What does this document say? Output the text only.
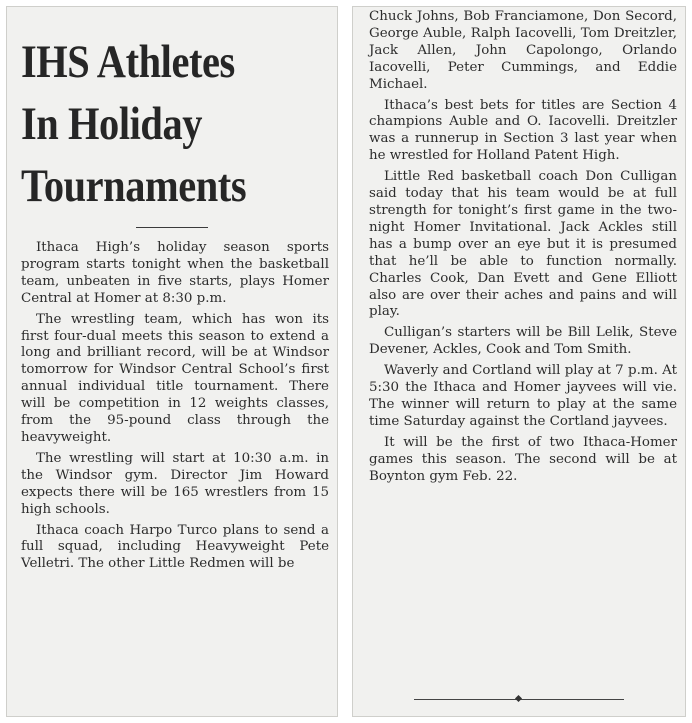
IHS Athletes
In Holiday
Tournaments

Ithaca High’s holiday season sports program starts tonight when the basketball team, unbeaten in five starts, plays Homer Central at Homer at 8:30 p.m.

The wrestling team, which has won its first four-dual meets this season to extend a long and brilliant record, will be at Windsor tomorrow for Windsor Central School’s first annual individual title tournament. There will be competition in 12 weights classes, from the 95-pound class through the heavyweight.

The wrestling will start at 10:30 a.m. in the Windsor gym. Director Jim Howard expects there will be 165 wrestlers from 15 high schools.

Ithaca coach Harpo Turco plans to send a full squad, including Heavyweight Pete Velletri. The other Little Redmen will be

Chuck Johns, Bob Franciamone, Don Secord, George Auble, Ralph Iacovelli, Tom Dreitzler, Jack Allen, John Capolongo, Orlando Iacovelli, Peter Cummings, and Eddie Michael.

Ithaca’s best bets for titles are Section 4 champions Auble and O. Iacovelli. Dreitzler was a runnerup in Section 3 last year when he wrestled for Holland Patent High.

Little Red basketball coach Don Culligan said today that his team would be at full strength for tonight’s first game in the two-night Homer Invitational. Jack Ackles still has a bump over an eye but it is presumed that he’ll be able to function normally. Charles Cook, Dan Evett and Gene Elliott also are over their aches and pains and will play.

Culligan’s starters will be Bill Lelik, Steve Devener, Ackles, Cook and Tom Smith.

Waverly and Cortland will play at 7 p.m. At 5:30 the Ithaca and Homer jayvees will vie. The winner will return to play at the same time Saturday against the Cortland jayvees.

It will be the first of two Ithaca-Homer games this season. The second will be at Boynton gym Feb. 22.
